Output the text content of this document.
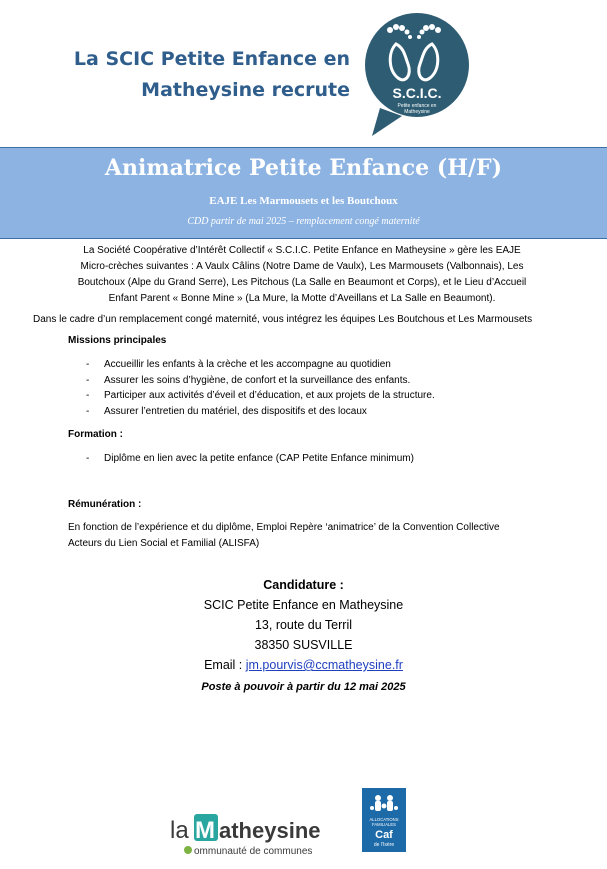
La SCIC Petite Enfance en
Matheysine recrute	S.C.I.C.
Petite enfance en
Matheysine
Animatrice Petite Enfance (H/F)
EAJE Les Marmousets et les Boutchoux
CDD partir de mai 2025 – remplacement congé maternité
La Société Coopérative d’Intérêt Collectif « S.C.I.C. Petite Enfance en Matheysine » gère les EAJE
Micro-crèches suivantes : A Vaulx Câlins (Notre Dame de Vaulx), Les Marmousets (Valbonnais), Les
Boutchoux (Alpe du Grand Serre), Les Pitchous (La Salle en Beaumont et Corps), et le Lieu d’Accueil
Enfant Parent « Bonne Mine » (La Mure, la Motte d’Aveillans et La Salle en Beaumont).
Dans le cadre d’un remplacement congé maternité, vous intégrez les équipes Les Boutchous et Les Marmousets
Missions principales
- Accueillir les enfants à la crèche et les accompagne au quotidien
- Assurer les soins d’hygiène, de confort et la surveillance des enfants.
- Participer aux activités d’éveil et d’éducation, et aux projets de la structure.
- Assurer l’entretien du matériel, des dispositifs et des locaux
Formation :
- Diplôme en lien avec la petite enfance (CAP Petite Enfance minimum)
Rémunération :
En fonction de l’expérience et du diplôme, Emploi Repère ‘animatrice’ de la Convention Collective
Acteurs du Lien Social et Familial (ALISFA)
Candidature :
SCIC Petite Enfance en Matheysine
13, route du Terril
38350 SUSVILLE
Email : jm.pourvis@ccmatheysine.fr
Poste à pouvoir à partir du 12 mai 2025
la M atheysine
ommunauté de communes
ALLOCATIONS
FAMILIALES
Caf
de l’Isère
